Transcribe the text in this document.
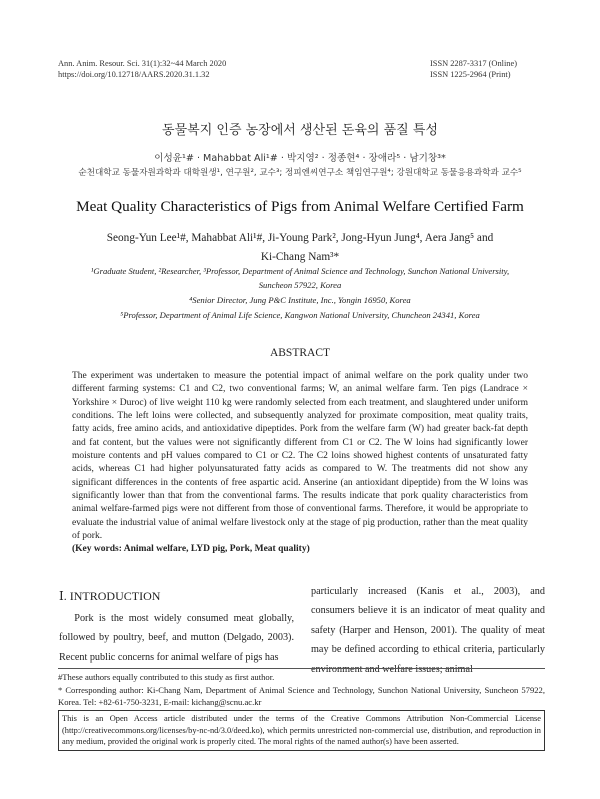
Ann. Anim. Resour. Sci. 31(1):32~44 March 2020
https://doi.org/10.12718/AARS.2020.31.1.32
ISSN 2287-3317 (Online)
ISSN 1225-2964 (Print)
동물복지 인증 농장에서 생산된 돈육의 품질 특성
이성윤¹# · Mahabbat Ali¹# · 박지영² · 정종현⁴ · 장애라⁵ · 남기창³*
순천대학교 동물자원과학과 대학원생¹, 연구원², 교수³; 정피엔씨연구소 책임연구원⁴; 강원대학교 동물응용과학과 교수⁵
Meat Quality Characteristics of Pigs from Animal Welfare Certified Farm
Seong-Yun Lee¹#, Mahabbat Ali¹#, Ji-Young Park², Jong-Hyun Jung⁴, Aera Jang⁵ and
Ki-Chang Nam³*
¹Graduate Student, ²Researcher, ³Professor, Department of Animal Science and Technology, Sunchon National University,
Suncheon 57922, Korea
⁴Senior Director, Jung P&C Institute, Inc., Yongin 16950, Korea
⁵Professor, Department of Animal Life Science, Kangwon National University, Chuncheon 24341, Korea
ABSTRACT
The experiment was undertaken to measure the potential impact of animal welfare on the pork quality under two different farming systems: C1 and C2, two conventional farms; W, an animal welfare farm. Ten pigs (Landrace × Yorkshire × Duroc) of live weight 110 kg were randomly selected from each treatment, and slaughtered under uniform conditions. The left loins were collected, and subsequently analyzed for proximate composition, meat quality traits, fatty acids, free amino acids, and antioxidative dipeptides. Pork from the welfare farm (W) had greater back-fat depth and fat content, but the values were not significantly different from C1 or C2. The W loins had significantly lower moisture contents and pH values compared to C1 or C2. The C2 loins showed highest contents of unsaturated fatty acids, whereas C1 had higher polyunsaturated fatty acids as compared to W. The treatments did not show any significant differences in the contents of free aspartic acid. Anserine (an antioxidant dipeptide) from the W loins was significantly lower than that from the conventional farms. The results indicate that pork quality characteristics from animal welfare-farmed pigs were not different from those of conventional farms. Therefore, it would be appropriate to evaluate the industrial value of animal welfare livestock only at the stage of pig production, rather than the meat quality of pork.
(Key words: Animal welfare, LYD pig, Pork, Meat quality)
Ⅰ. INTRODUCTION
Pork is the most widely consumed meat globally, followed by poultry, beef, and mutton (Delgado, 2003). Recent public concerns for animal welfare of pigs has
particularly increased (Kanis et al., 2003), and consumers believe it is an indicator of meat quality and safety (Harper and Henson, 2001). The quality of meat may be defined according to ethical criteria, particularly environment and welfare issues; animal
#These authors equally contributed to this study as first author.
* Corresponding author: Ki-Chang Nam, Department of Animal Science and Technology, Sunchon National University, Suncheon 57922, Korea. Tel: +82-61-750-3231, E-mail: kichang@scnu.ac.kr
This is an Open Access article distributed under the terms of the Creative Commons Attribution Non-Commercial License (http://creativecommons.org/licenses/by-nc-nd/3.0/deed.ko), which permits unrestricted non-commercial use, distribution, and reproduction in any medium, provided the original work is properly cited. The moral rights of the named author(s) have been asserted.
